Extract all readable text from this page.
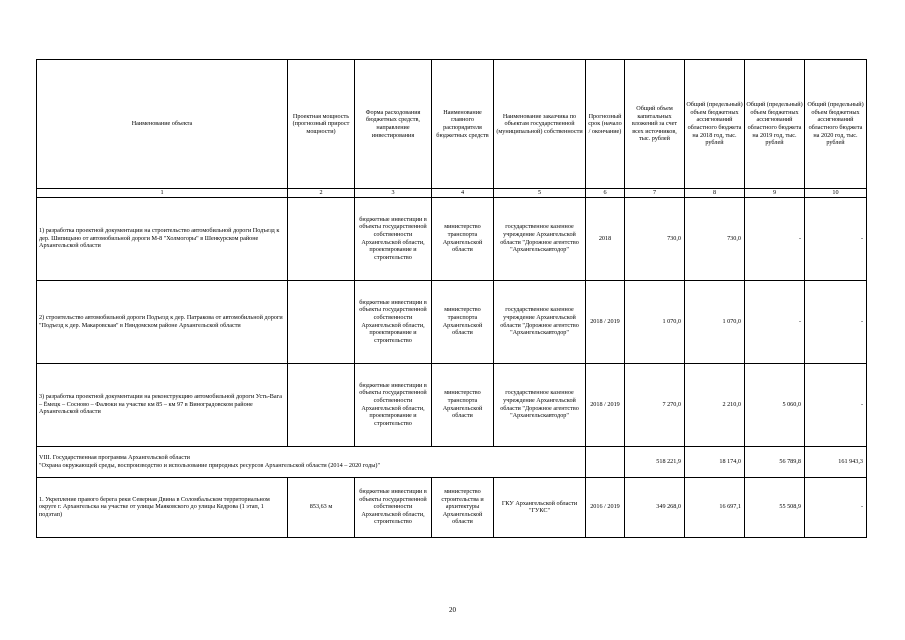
Наименование объекта	Проектная мощность (прогнозный прирост мощности)	Форма расходования бюджетных средств, направление инвестирования	Наименование главного распорядителя бюджетных средств	Наименование заказчика по объектам государственной (муниципальной) собственности	Прогнозный срок (начало / окончание)	Общий объем капитальных вложений за счет всех источников, тыс. рублей	Общий (предельный) объем бюджетных ассигнований областного бюджета на 2018 год, тыс. рублей	Общий (предельный) объем бюджетных ассигнований областного бюджета на 2019 год, тыс. рублей	Общий (предельный) объем бюджетных ассигнований областного бюджета на 2020 год, тыс. рублей
1	2	3	4	5	6	7	8	9	10
1) разработка проектной документации на строительство автомобильной дороги Подъезд к дер. Шипицыно от автомобильной дороги М-8 "Холмогоры" в Шенкурском районе Архангельской области		бюджетные инвестиции в объекты государственной собственности Архангельской области, проектирование и строительство	министерство транспорта Архангельской области	государственное казенное учреждение Архангельской области "Дорожное агентство "Архангельскавтодор"	2018	730,0	730,0	-	-
2) строительство автомобильной дороги Подъезд к дер. Патракова от автомобильной дороги "Подъезд к дер. Макаровская" в Няндомском районе Архангельской области		бюджетные инвестиции в объекты государственной собственности Архангельской области, проектирование и строительство	министерство транспорта Архангельской области	государственное казенное учреждение Архангельской области "Дорожное агентство "Архангельскавтодор"	2018 / 2019	1 070,0	1 070,0	-	-
3) разработка проектной документации на реконструкцию автомобильной дороги Усть-Вага – Ёмецк – Сосново – Фалюки на участке км 85 – км 97 в Виноградовском районе Архангельской области		бюджетные инвестиции в объекты государственной собственности Архангельской области, проектирование и строительство	министерство транспорта Архангельской области	государственное казенное учреждение Архангельской области "Дорожное агентство "Архангельскавтодор"	2018 / 2019	7 270,0	2 210,0	5 060,0	-

VIII. Государственная программа Архангельской области
"Охрана окружающей среды, воспроизводство и использование природных ресурсов Архангельской области (2014 – 2020 годы)"						518 221,9	18 174,0	56 789,8	161 943,3
1. Укрепление правого берега реки Северная Двина в Соломбальском территориальном округе г. Архангельска на участке от улицы Маяковского до улицы Кедрова (1 этап, 1 подэтап)	853,63 м	бюджетные инвестиции в объекты государственной собственности Архангельской области, строительство	министерство строительства и архитектуры Архангельской области	ГКУ Архангельской области "ГУКС"	2016 / 2019	349 268,0	16 697,1	55 508,9	-
20
